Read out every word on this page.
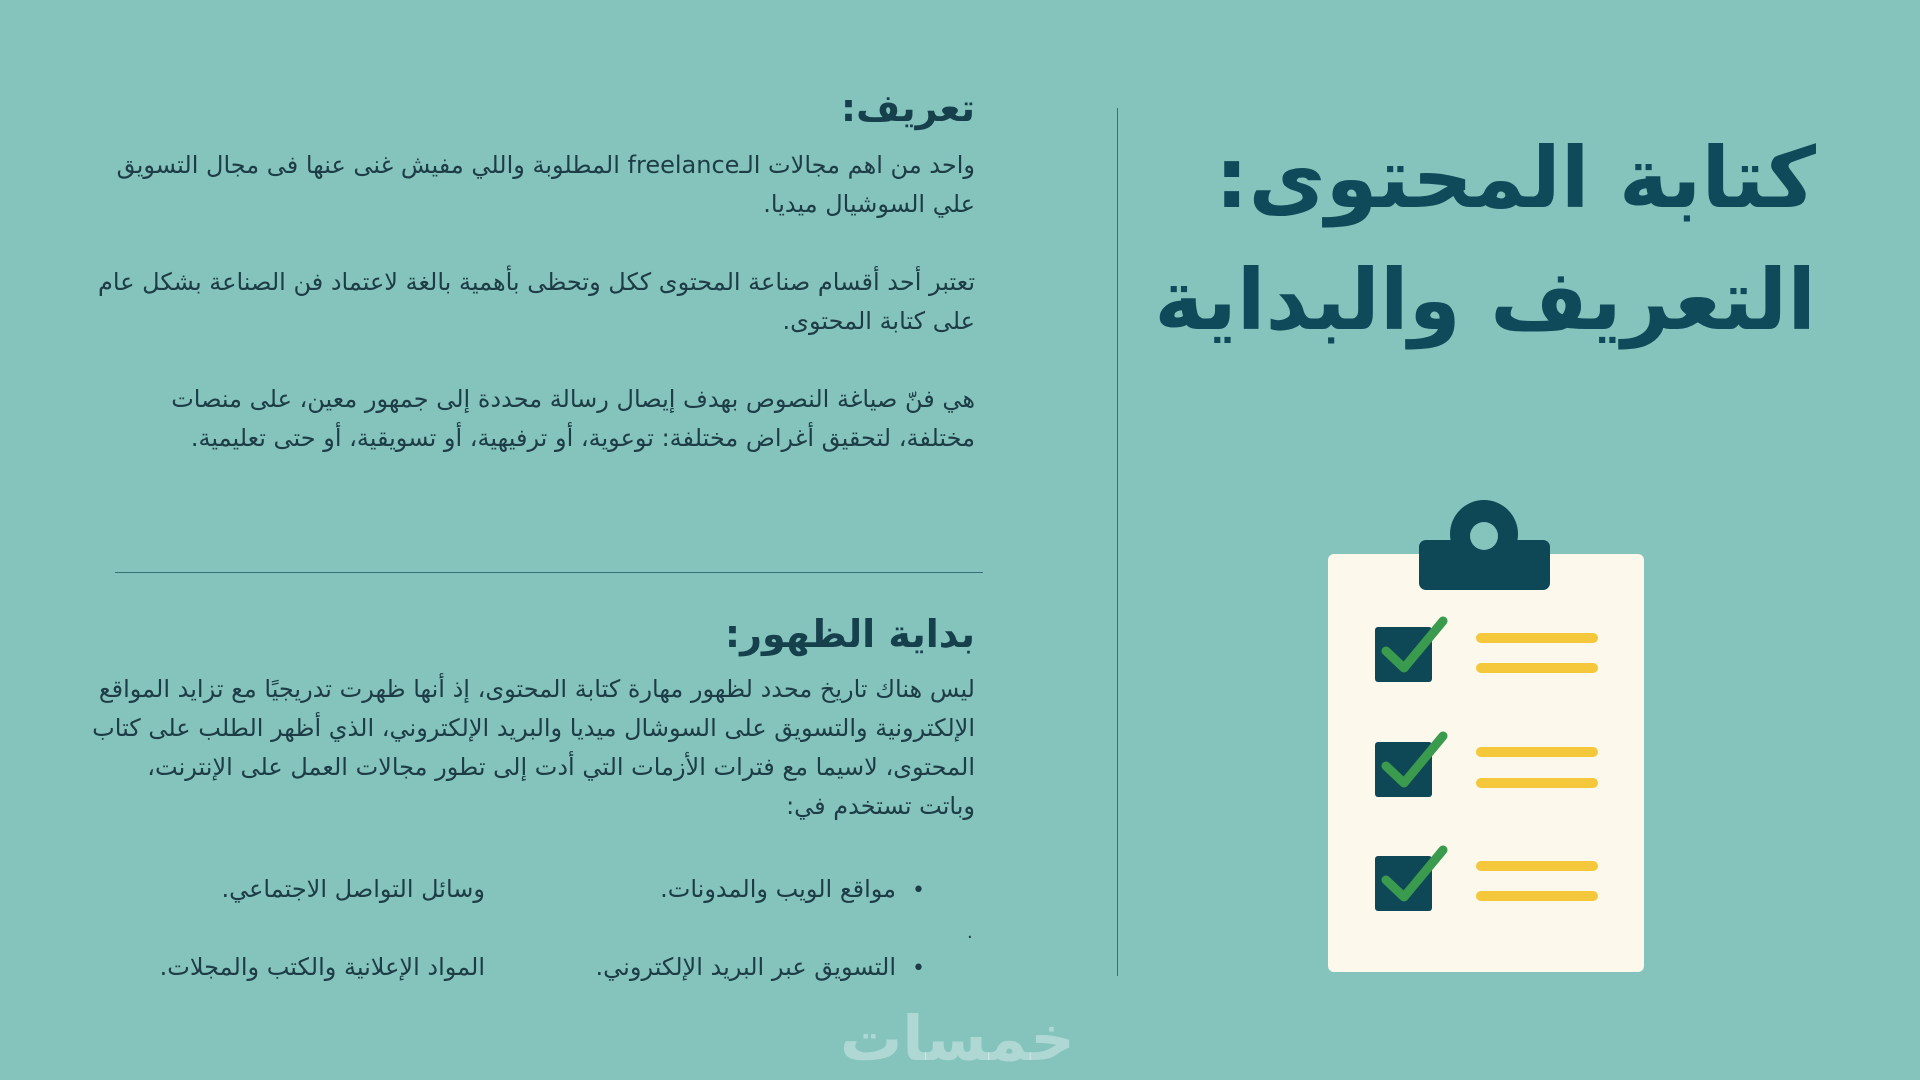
كتابة المحتوى:
التعريف والبداية
تعريف:

واحد من اهم مجالات الـfreelance المطلوبة واللي مفيش غنى عنها فى مجال التسويق علي السوشيال ميديا.

تعتبر أحد أقسام صناعة المحتوى ككل وتحظى بأهمية بالغة لاعتماد فن الصناعة بشكل عام على كتابة المحتوى.

هي فنّ صياغة النصوص بهدف إيصال رسالة محددة إلى جمهور معين، على منصات مختلفة، لتحقيق أغراض مختلفة: توعوية، أو ترفيهية، أو تسويقية، أو حتى تعليمية.

بداية الظهور:

ليس هناك تاريخ محدد لظهور مهارة كتابة المحتوى، إذ أنها ظهرت تدريجيًا مع تزايد المواقع الإلكترونية والتسويق على السوشال ميديا والبريد الإلكتروني، الذي أظهر الطلب على كتاب المحتوى، لاسيما مع فترات الأزمات التي أدت إلى تطور مجالات العمل على الإنترنت، وباتت تستخدم في:

• مواقع الويب والمدونات.
وسائل التواصل الاجتماعي.
• التسويق عبر البريد الإلكتروني.
المواد الإعلانية والكتب والمجلات.
.
خمسات
